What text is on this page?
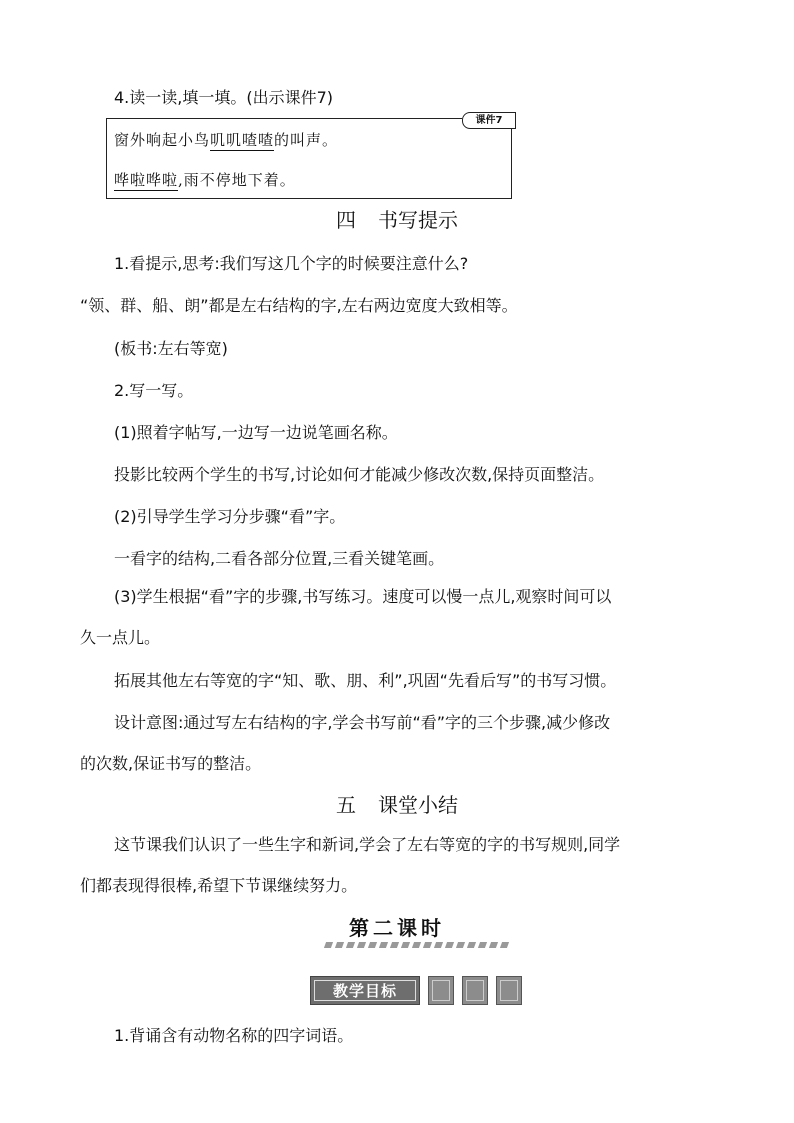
4.读一读,填一填。(出示课件7)
课件7
窗外响起小鸟叽叽喳喳的叫声。
哗啦哗啦,雨不停地下着。
四 书写提示
1.看提示,思考:我们写这几个字的时候要注意什么?
“领、群、船、朗”都是左右结构的字,左右两边宽度大致相等。
(板书:左右等宽)
2.写一写。
(1)照着字帖写,一边写一边说笔画名称。
投影比较两个学生的书写,讨论如何才能减少修改次数,保持页面整洁。
(2)引导学生学习分步骤“看”字。
一看字的结构,二看各部分位置,三看关键笔画。
(3)学生根据“看”字的步骤,书写练习。速度可以慢一点儿,观察时间可以
久一点儿。
拓展其他左右等宽的字“知、歌、朋、利”,巩固“先看后写”的书写习惯。
设计意图:通过写左右结构的字,学会书写前“看”字的三个步骤,减少修改
的次数,保证书写的整洁。
五 课堂小结
这节课我们认识了一些生字和新词,学会了左右等宽的字的书写规则,同学
们都表现得很棒,希望下节课继续努力。
第二课时
教学目标
1.背诵含有动物名称的四字词语。
